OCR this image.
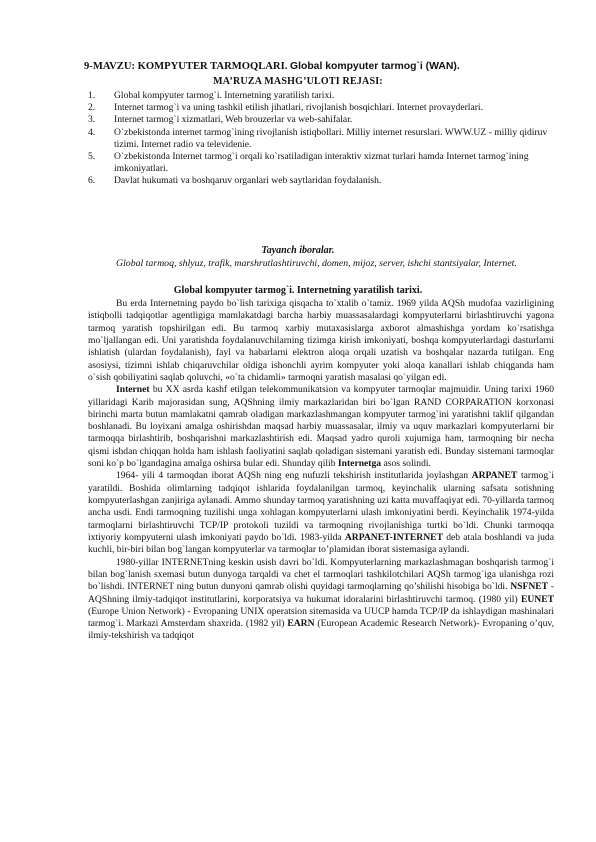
9-MAVZU: KOMPYUTER TARMOQLARI. Global kompyuter tarmog`i (WAN).
MA’RUZA MASHG’ULOTI REJASI:
1. Global kompyuter tarmog`i. Internetning yaratilish tarixi.
2. Internet tarmog`i va uning tashkil etilish jihatlari, rivojlanish bosqichlari. Internet provayderlari.
3. Internet tarmog`i xizmatlari, Web brouzerlar va web-sahifalar.
4. O`zbekistonda internet tarmog`ining rivojlanish istiqbollari. Milliy internet resurslari. WWW.UZ - milliy qidiruv tizimi. Internet radio va televidenie.
5. O`zbekistonda Internet tarmog`i orqali ko`rsatiladigan interaktiv xizmat turlari hamda Internet tarmog`ining imkoniyatlari.
6. Davlat hukumati va boshqaruv organlari web saytlaridan foydalanish.
Tayanch iboralar.
Global tarmoq, shlyuz, trafik, marshrutlashtiruvchi, domen, mijoz, server, ishchi stantsiyalar, Internet.
Global kompyuter tarmog`i. Internetning yaratilish tarixi.

Bu erda Internetning paydo bo`lish tarixiga qisqacha to`xtalib o`tamiz. 1969 yilda AQSh mudofaa vazirligining istiqbolli tadqiqotlar agentligiga mamlakatdagi barcha harbiy muassasalardagi kompyuterlarni birlashtiruvchi yagona tarmoq yaratish topshirilgan edi. Bu tarmoq xarbiy mutaxasislarga axborot almashishga yordam ko`rsatishga mo`ljallangan edi. Uni yaratishda foydalanuvchilarning tizimga kirish imkoniyati, boshqa kompyuterlardagi dasturlarni ishlatish (ulardan foydalanish), fayl va habarlarni elektron aloqa orqali uzatish va boshqalar nazarda tutilgan. Eng asosiysi, tizimni ishlab chiqaruvchilar oldiga ishonchli ayrim kompyuter yoki aloqa kanallari ishlab chiqganda ham o`sish qobiliyatini saqlab qoluvchi, «o`ta chidamli» tarmoqni yaratish masalasi qo`yilgan edi.

Internet bu XX asrda kashf etilgan telekommunikatsion va kompyuter tarmoqlar majmuidir. Uning tarixi 1960 yillaridagi Karib majorasidan sung, AQShning ilmiy markazlaridan biri bo`lgan RAND CORPARATION korxonasi birinchi marta butun mamlakatni qamrab oladigan markazlashmangan kompyuter tarmog`ini yaratishni taklif qilgandan boshlanadi. Bu loyixani amalga oshirishdan maqsad harbiy muassasalar, ilmiy va uquv markazlari kompyuterlarni bir tarmoqqa birlashtirib, boshqarishni markazlashtirish edi. Maqsad yadro quroli xujumiga ham, tarmoqning bir necha qismi ishdan chiqqan holda ham ishlash faoliyatini saqlab qoladigan sistemani yaratish edi. Bunday sistemani tarmoqlar soni ko`p bo`lgandagina amalga oshirsa bular edi. Shunday qilib Internetga asos solindi.

1964- yili 4 tarmoqdan iborat AQSh ning eng nufuzli tekshirish institutlarida joylashgan ARPANET tarmog`i yaratildi. Boshida olimlarning tadqiqot ishlarida foydalanilgan tarmoq, keyinchalik ularning safsata sotishning kompyuterlashgan zanjiriga aylanadi. Ammo shunday tarmoq yaratishning uzi katta muvaffaqiyat edi. 70-yillarda tarmoq ancha usdi. Endi tarmoqning tuzilishi unga xohlagan kompyuterlarni ulash imkoniyatini berdi. Keyinchalik 1974-yilda tarmoqlarni birlashtiruvchi TCP/IP protokoli tuzildi va tarmoqning rivojlanishiga turtki bo`ldi. Chunki tarmoqqa ixtiyoriy kompyuterni ulash imkoniyati paydo bo`ldi. 1983-yilda ARPANET-INTERNET deb atala boshlandi va juda kuchli, bir-biri bilan bog`langan kompyuterlar va tarmoqlar to’plamidan iborat sistemasiga aylandi.

1980-yillar INTERNETning keskin usish davri bo`ldi. Kompyuterlarning markazlashmagan boshqarish tarmog`i bilan bog`lanish sxemasi butun dunyoga tarqaldi va chet el tarmoqlari tashkilotchilari AQSh tarmog`iga ulanishga rozi bo`lishdi. INTERNET ning butun dunyoni qamrab olishi quyidagi tarmoqlarning qo’shilishi hisobiga bo`ldi. NSFNET - AQShning ilmiy-tadqiqot institutlarini, korporatsiya va hukumat idoralarini birlashtiruvchi tarmoq. (1980 yil) EUNET (Europe Union Network) - Evropaning UNIX operatsion sitemasida va UUCP hamda TCP/IP da ishlaydigan mashinalari tarmog`i. Markazi Amsterdam shaxrida. (1982 yil) EARN (European Academic Research Network)- Evropaning o’quv, ilmiy-tekshirish va tadqiqot
